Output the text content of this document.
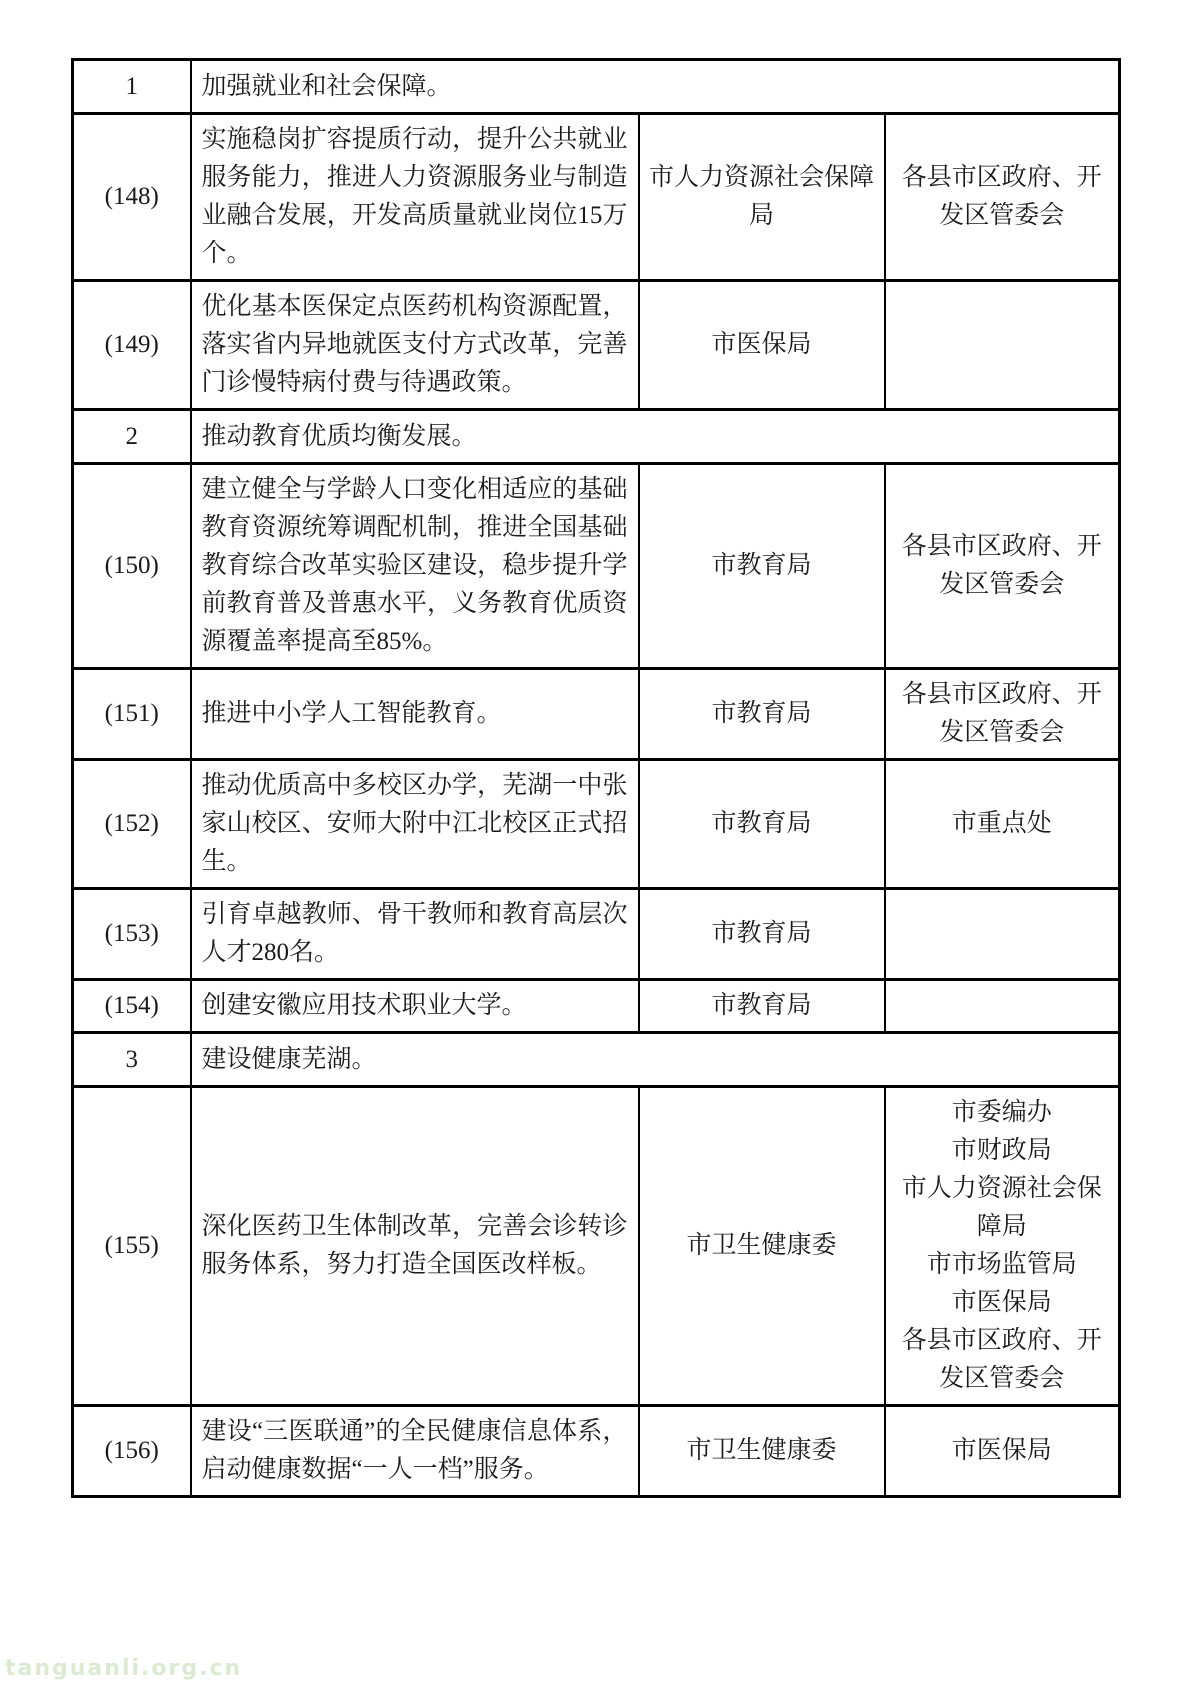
1	加强就业和社会保障。		
(148)	实施稳岗扩容提质行动，提升公共就业服务能力，推进人力资源服务业与制造业融合发展，开发高质量就业岗位15万个。	市人力资源社会保障局	各县市区政府、开发区管委会

(149)	优化基本医保定点医药机构资源配置，落实省内异地就医支付方式改革，完善门诊慢特病付费与待遇政策。	市医保局	
2	推动教育优质均衡发展。		
(150)	建立健全与学龄人口变化相适应的基础教育资源统筹调配机制，推进全国基础教育综合改革实验区建设，稳步提升学前教育普及普惠水平，义务教育优质资源覆盖率提高至85%。	市教育局	各县市区政府、开发区管委会

(151)	推进中小学人工智能教育。	市教育局	各县市区政府、开发区管委会

(152)	推动优质高中多校区办学，芜湖一中张家山校区、安师大附中江北校区正式招生。	市教育局	市重点处

(153)	引育卓越教师、骨干教师和教育高层次人才280名。	市教育局	
(154)	创建安徽应用技术职业大学。	市教育局	
3	建设健康芜湖。		
(155)	深化医药卫生体制改革，完善会诊转诊服务体系，努力打造全国医改样板。	市卫生健康委	
市委编办
市财政局
市人力资源社会保障局
市市场监管局
市医保局
各县市区政府、开发区管委会

(156)	建设“三医联通”的全民健康信息体系，启动健康数据“一人一档”服务。	市卫生健康委	市医保局
tanguanli.org.cn
